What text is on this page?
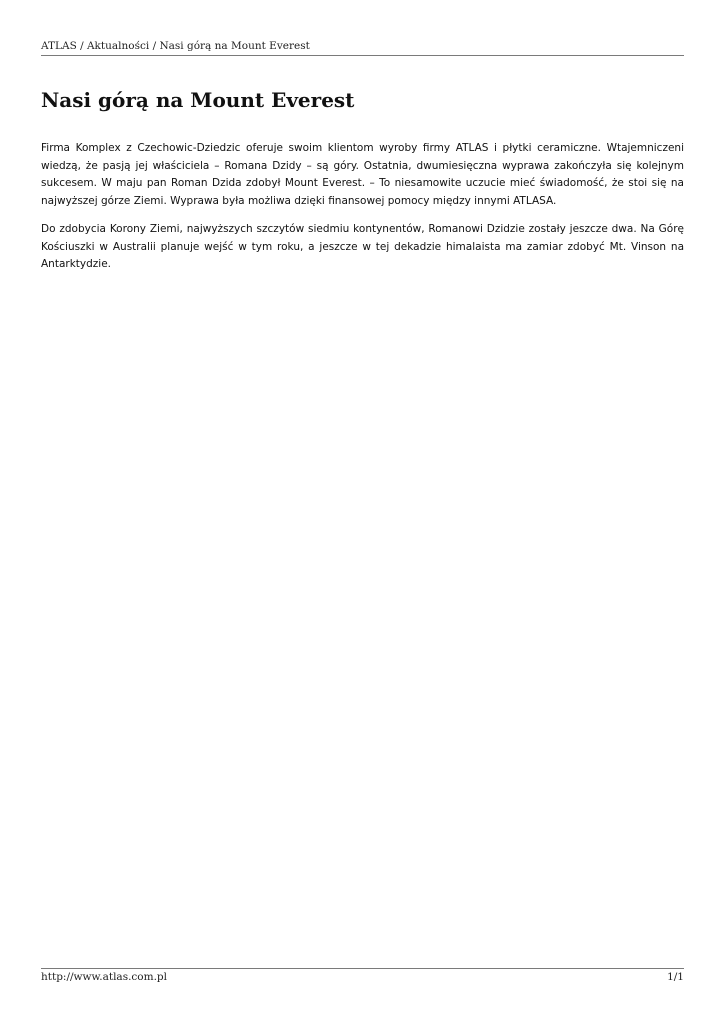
ATLAS / Aktualności / Nasi górą na Mount Everest
Nasi górą na Mount Everest

Firma Komplex z Czechowic-Dziedzic oferuje swoim klientom wyroby firmy ATLAS i płytki ceramiczne. Wtajemniczeni wiedzą, że pasją jej właściciela – Romana Dzidy – są góry. Ostatnia, dwumiesięczna wyprawa zakończyła się kolejnym sukcesem. W maju pan Roman Dzida zdobył Mount Everest. – To niesamowite uczucie mieć świadomość, że stoi się na najwyższej górze Ziemi. Wyprawa była możliwa dzięki finansowej pomocy między innymi ATLASA.

Do zdobycia Korony Ziemi, najwyższych szczytów siedmiu kontynentów, Romanowi Dzidzie zostały jeszcze dwa. Na Górę Kościuszki w Australii planuje wejść w tym roku, a jeszcze w tej dekadzie himalaista ma zamiar zdobyć Mt. Vinson na Antarktydzie.

http://www.atlas.com.pl	1/1
